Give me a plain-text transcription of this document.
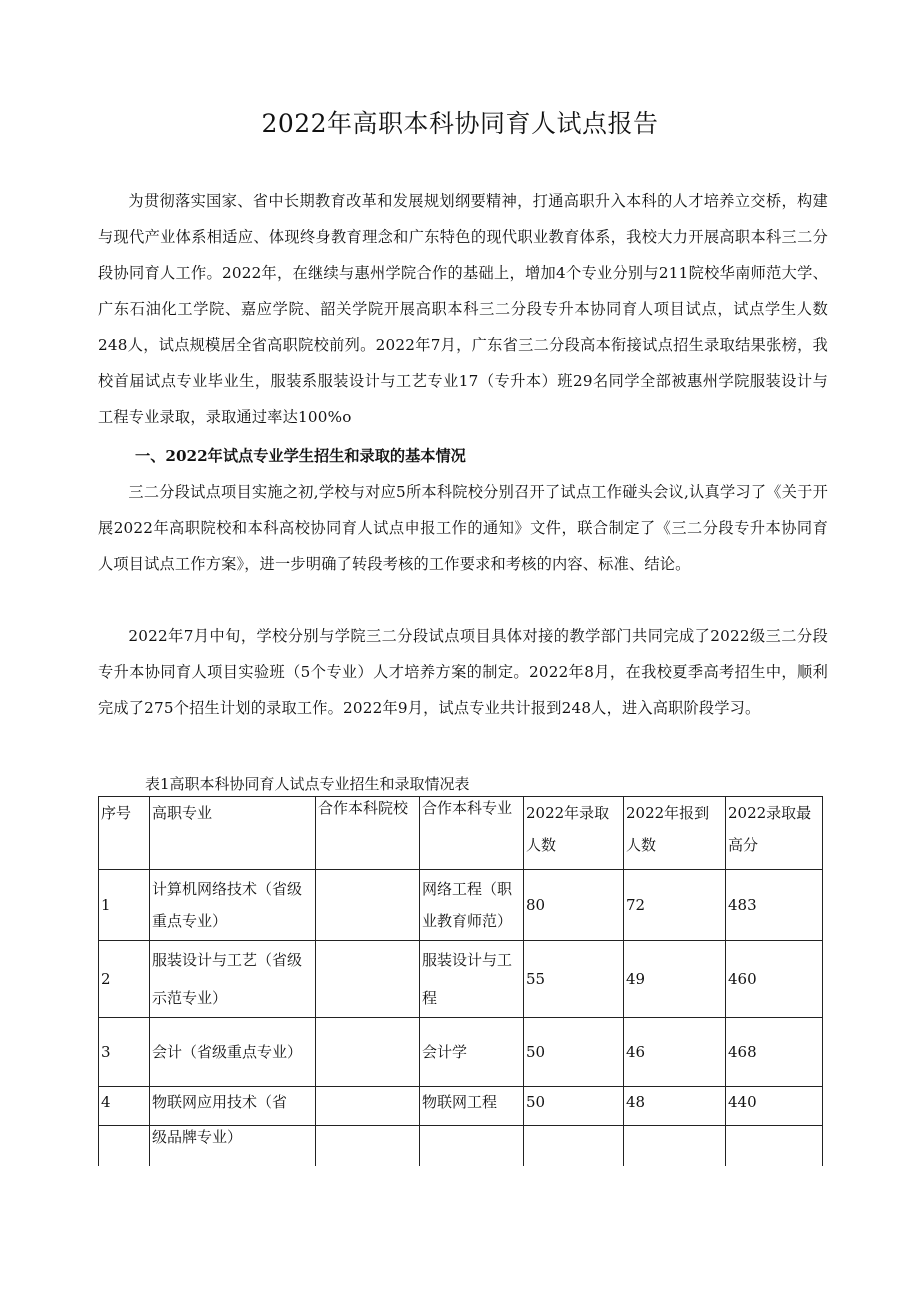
2022年高职本科协同育人试点报告

为贯彻落实国家、省中长期教育改革和发展规划纲要精神，打通高职升入本科的人才培养立交桥，构建与现代产业体系相适应、体现终身教育理念和广东特色的现代职业教育体系，我校大力开展高职本科三二分段协同育人工作。2022年，在继续与惠州学院合作的基础上，增加4个专业分别与211院校华南师范大学、广东石油化工学院、嘉应学院、韶关学院开展高职本科三二分段专升本协同育人项目试点，试点学生人数248人，试点规模居全省高职院校前列。2022年7月，广东省三二分段高本衔接试点招生录取结果张榜，我校首届试点专业毕业生，服装系服装设计与工艺专业17（专升本）班29名同学全部被惠州学院服装设计与工程专业录取，录取通过率达100%o

一、2022年试点专业学生招生和录取的基本情况

三二分段试点项目实施之初,学校与对应5所本科院校分别召开了试点工作碰头会议,认真学习了《关于开展2022年高职院校和本科高校协同育人试点申报工作的通知》文件，联合制定了《三二分段专升本协同育人项目试点工作方案》，进一步明确了转段考核的工作要求和考核的内容、标准、结论。

2022年7月中旬，学校分别与学院三二分段试点项目具体对接的教学部门共同完成了2022级三二分段专升本协同育人项目实验班（5个专业）人才培养方案的制定。2022年8月，在我校夏季高考招生中，顺利完成了275个招生计划的录取工作。2022年9月，试点专业共计报到248人，进入高职阶段学习。

表1高职本科协同育人试点专业招生和录取情况表
序号	高职专业	合作本科院校	合作本科专业	2022年录取人数	2022年报到人数	2022录取最高分
1	计算机网络技术（省级重点专业）		网络工程（职业教育师范）	80	72	483
2	服装设计与工艺（省级示范专业）		服装设计与工程	55	49	460
3	会计（省级重点专业）		会计学	50	46	468
4	物联网应用技术（省		物联网工程	50	48	440
	级品牌专业）					
